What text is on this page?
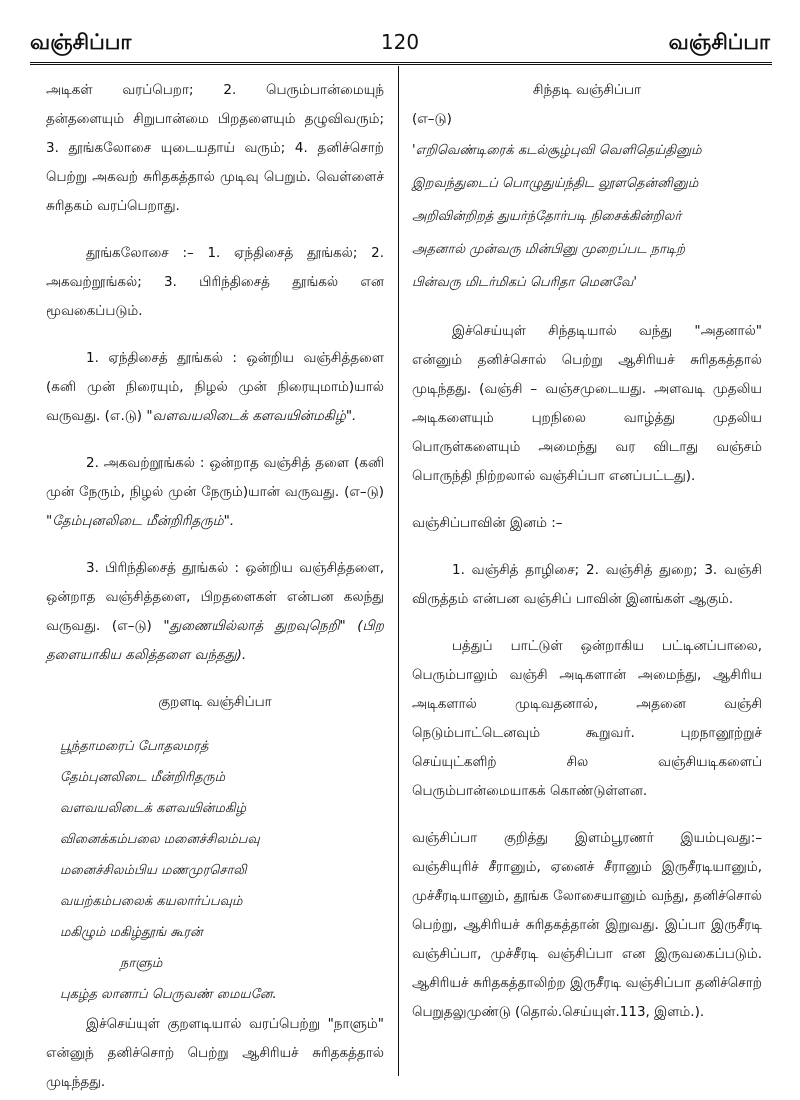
வஞ்சிப்பா	120	வஞ்சிப்பா

அடிகள் வரப்பெறா; 2. பெரும்பான்மையுந் தன்தளையும் சிறுபான்மை பிறதளையும் தழுவிவரும்; 3. தூங்கலோசை யுடையதாய் வரும்; 4. தனிச்சொற் பெற்று அகவற் சுரிதகத்தால் முடிவு பெறும். வெள்ளைச் சுரிதகம் வரப்பெறாது.

தூங்கலோசை :– 1. ஏந்திசைத் தூங்கல்; 2. அகவற்றூங்கல்; 3. பிரிந்திசைத் தூங்கல் என மூவகைப்படும்.

1. ஏந்திசைத் தூங்கல் : ஒன்றிய வஞ்சித்தளை (கனி முன் நிரையும், நிழல் முன் நிரையுமாம்)யால் வருவது. (எ.டு) "வளவயலிடைக் களவயின்மகிழ்".

2. அகவற்றூங்கல் : ஒன்றாத வஞ்சித் தளை (கனி முன் நேரும், நிழல் முன் நேரும்)யான் வருவது. (எ–டு) "தேம்புனலிடை மீன்றிரிதரும்".

3. பிரிந்திசைத் தூங்கல் : ஒன்றிய வஞ்சித்தளை, ஒன்றாத வஞ்சித்தளை, பிறதளைகள் என்பன கலந்து வருவது. (எ–டு) "துணையில்லாத் துறவுநெறி" (பிற தளையாகிய கலித்தளை வந்தது).

குறளடி வஞ்சிப்பா

பூந்தாமரைப் போதலமரத்
தேம்புனலிடை மீன்றிரிதரும்
வளவயலிடைக் களவயின்மகிழ்
வினைக்கம்பலை மனைச்சிலம்பவு
மனைச்சிலம்பிய மணமுரசொலி
வயற்கம்பலைக் கயலார்ப்பவும்
மகிழும் மகிழ்தூங் கூரன்
நாளும்
புகழ்த லானாப் பெருவண் மையனே.

இச்செய்யுள் குறளடியால் வரப்பெற்று "நாளும்" என்னுந் தனிச்சொற் பெற்று ஆசிரியச் சுரிதகத்தால் முடிந்தது.

சிந்தடி வஞ்சிப்பா

(எ–டு)

'எறிவெண்டிரைக் கடல்சூழ்புவி வெளிதெய்தினும்
இறவந்துடைப் பொழுதுய்ந்திட லூளதென்னினும்
அறிவின்றிறத் துயர்ந்தோர்படி நிசைக்கின்றிலர்
அதனால் முன்வரு மின்பினு முறைப்பட நாடிற்
பின்வரு மிடர்மிகப் பெரிதா மெனவே'

இச்செய்யுள் சிந்தடியால் வந்து "அதனால்" என்னும் தனிச்சொல் பெற்று ஆசிரியச் சுரிதகத்தால் முடிந்தது. (வஞ்சி – வஞ்சமுடையது. அளவடி முதலிய அடிகளையும் புறநிலை வாழ்த்து முதலிய பொருள்களையும் அமைந்து வர விடாது வஞ்சம் பொருந்தி நிற்றலால் வஞ்சிப்பா எனப்பட்டது).

வஞ்சிப்பாவின் இனம் :–

1. வஞ்சித் தாழிசை; 2. வஞ்சித் துறை; 3. வஞ்சி விருத்தம் என்பன வஞ்சிப் பாவின் இனங்கள் ஆகும்.

பத்துப் பாட்டுள் ஒன்றாகிய பட்டினப்பாலை, பெரும்பாலும் வஞ்சி அடிகளான் அமைந்து, ஆசிரிய அடிகளால் முடிவதனால், அதனை வஞ்சி நெடும்பாட்டெனவும் கூறுவர். புறநானூற்றுச் செய்யுட்களிற் சில வஞ்சியடிகளைப் பெரும்பான்மையாகக் கொண்டுள்ளன.

வஞ்சிப்பா குறித்து இளம்பூரணர் இயம்புவது:– வஞ்சியுரிச் சீரானும், ஏனைச் சீரானும் இருசீரடியானும், முச்சீரடியானும், தூங்க லோசையானும் வந்து, தனிச்சொல் பெற்று, ஆசிரியச் சுரிதகத்தான் இறுவது. இப்பா இருசீரடி வஞ்சிப்பா, முச்சீரடி வஞ்சிப்பா என இருவகைப்படும். ஆசிரியச் சுரிதகத்தாலிற்ற இருசீரடி வஞ்சிப்பா தனிச்சொற் பெறுதலுமுண்டு (தொல்.செய்யுள்.113, இளம்.).
